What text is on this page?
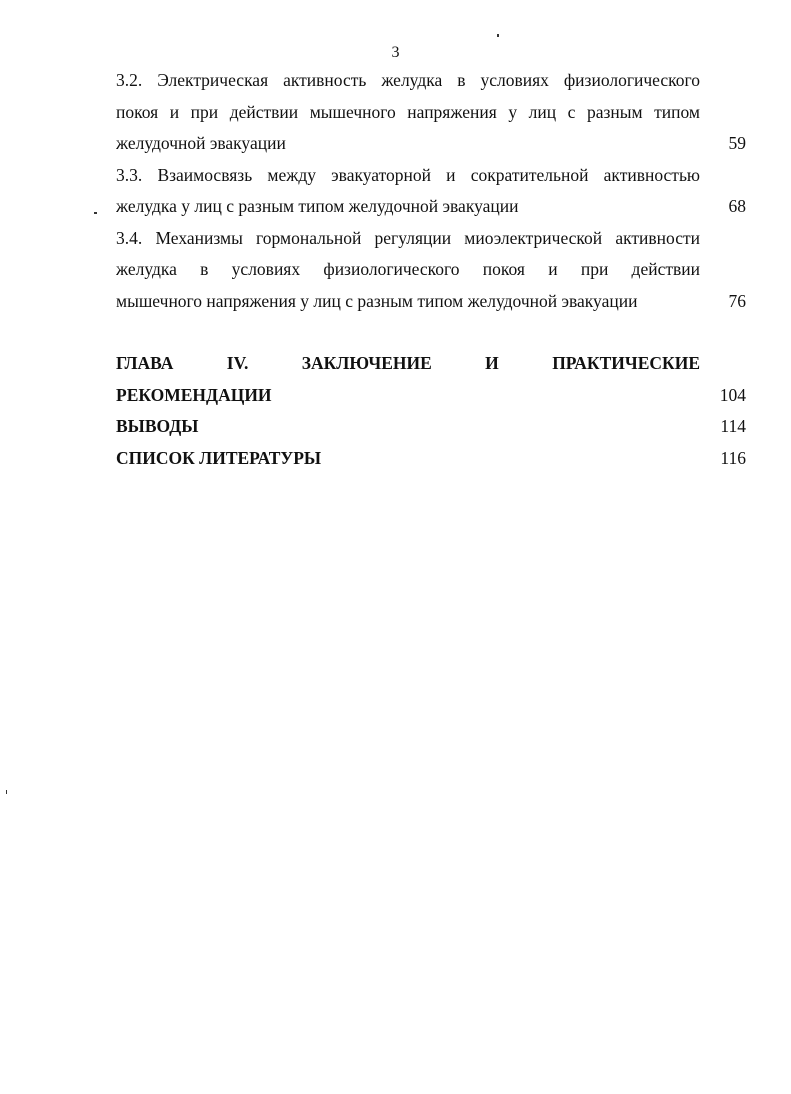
3
3.2. Электрическая активность желудка в условиях физиологического
покоя и при действии мышечного напряжения у лиц с разным типом
желудочной эвакуации	59
3.3. Взаимосвязь между эвакуаторной и сократительной активностью
желудка у лиц с разным типом желудочной эвакуации	68
3.4. Механизмы гормональной регуляции миоэлектрической активности
желудка в условиях физиологического покоя и при действии
мышечного напряжения у лиц с разным типом желудочной эвакуации	76
ГЛАВА IV. ЗАКЛЮЧЕНИЕ И ПРАКТИЧЕСКИЕ
РЕКОМЕНДАЦИИ	104
ВЫВОДЫ	114
СПИСОК ЛИТЕРАТУРЫ	116
